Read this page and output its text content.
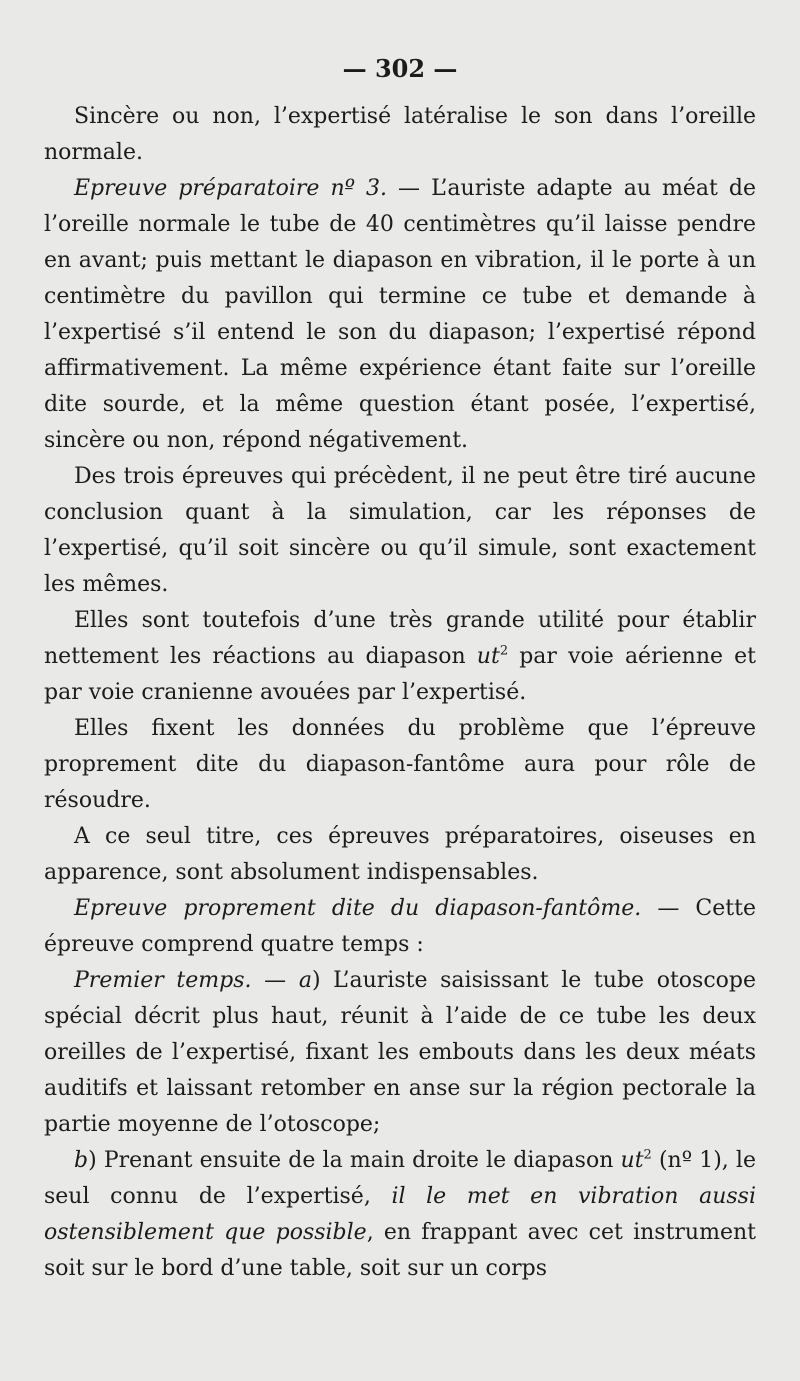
— 302 —

Sincère ou non, l’expertisé latéralise le son dans l’oreille normale.

Epreuve préparatoire nº 3. — L’auriste adapte au méat de l’oreille normale le tube de 40 centimètres qu’il laisse pendre en avant; puis mettant le diapason en vibration, il le porte à un centimètre du pavillon qui termine ce tube et demande à l’expertisé s’il entend le son du diapason; l’expertisé répond affirmativement. La même expérience étant faite sur l’oreille dite sourde, et la même question étant posée, l’expertisé, sincère ou non, répond négativement.

Des trois épreuves qui précèdent, il ne peut être tiré aucune conclusion quant à la simulation, car les réponses de l’expertisé, qu’il soit sincère ou qu’il simule, sont exactement les mêmes.

Elles sont toutefois d’une très grande utilité pour établir nettement les réactions au diapason $ut^2$ par voie aérienne et par voie cranienne avouées par l’expertisé.

Elles fixent les données du problème que l’épreuve proprement dite du diapason-fantôme aura pour rôle de résoudre.

A ce seul titre, ces épreuves préparatoires, oiseuses en apparence, sont absolument indispensables.

Epreuve proprement dite du diapason-fantôme. — Cette épreuve comprend quatre temps :

Premier temps. — a) L’auriste saisissant le tube otoscope spécial décrit plus haut, réunit à l’aide de ce tube les deux oreilles de l’expertisé, fixant les embouts dans les deux méats auditifs et laissant retomber en anse sur la région pectorale la partie moyenne de l’otoscope;

b) Prenant ensuite de la main droite le diapason $ut^2$ (nº 1), le seul connu de l’expertisé, il le met en vibration aussi ostensiblement que possible, en frappant avec cet instrument soit sur le bord d’une table, soit sur un corps
